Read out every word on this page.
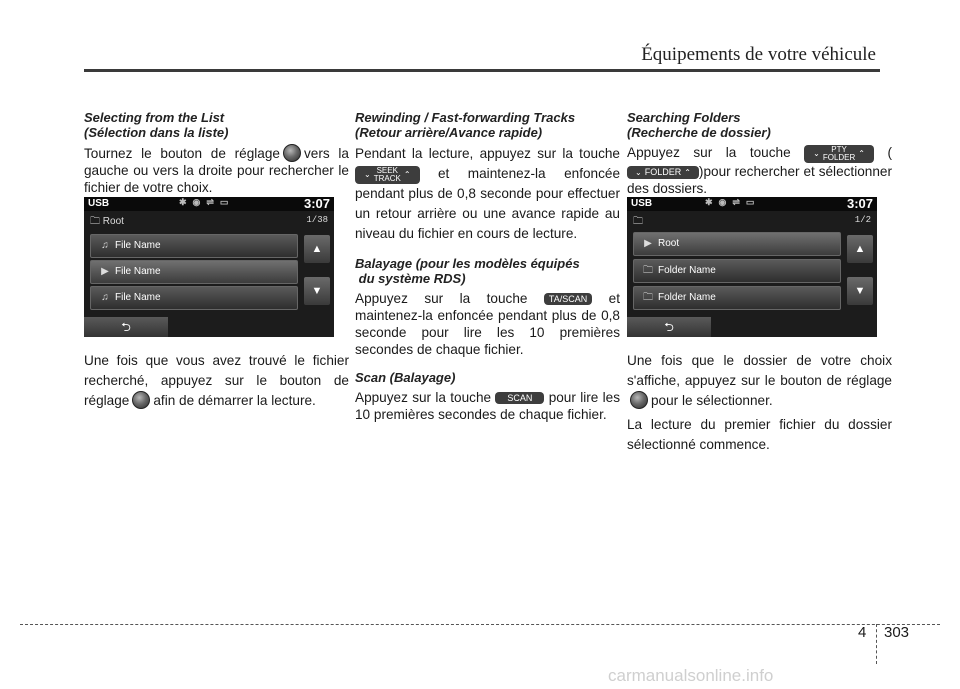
Équipements de votre véhicule
Selecting from the List
(Sélection dans la liste)
Tournez le bouton de réglage vers la gauche ou vers la droite pour rechercher le fichier de votre choix.
USB	✱◉⇌▭	3:07
🗀 Root	1/38
♫ File Name
▶ File Name
♫ File Name
▲
▼
⮌
Une fois que vous avez trouvé le fichier recherché, appuyez sur le bouton de réglage afin de démarrer la lecture.
Rewinding / Fast-forwarding Tracks
(Retour arrière/Avance rapide)
Pendant la lecture, appuyez sur la touche ⌄ SEEK
TRACK ⌃ et maintenez-la enfoncée pendant plus de 0,8 seconde pour effectuer un retour arrière ou une avance rapide au niveau du fichier en cours de lecture.
Balayage (pour les modèles équipés
du système RDS)
Appuyez sur la touche TA/SCAN et maintenez-la enfoncée pendant plus de 0,8 seconde pour lire les 10 premières secondes de chaque fichier.
Scan (Balayage)
Appuyez sur la touche SCAN pour lire les 10 premières secondes de chaque fichier.
Searching Folders
(Recherche de dossier)
Appuyez sur la touche	⌄ PTY
FOLDER ⌃ (⌄ FOLDER ⌃ )pour rechercher et sélectionner des dossiers.
USB	✱◉⇌▭	3:07
🗀	1/2
▶ Root
🗀 Folder Name
🗀 Folder Name
▲
▼
⮌
Une fois que le dossier de votre choix s'affiche, appuyez sur le bouton de réglagepour le sélectionner.
La lecture du premier fichier du dossier sélectionné commence.
4 303
carmanualsonline.info
